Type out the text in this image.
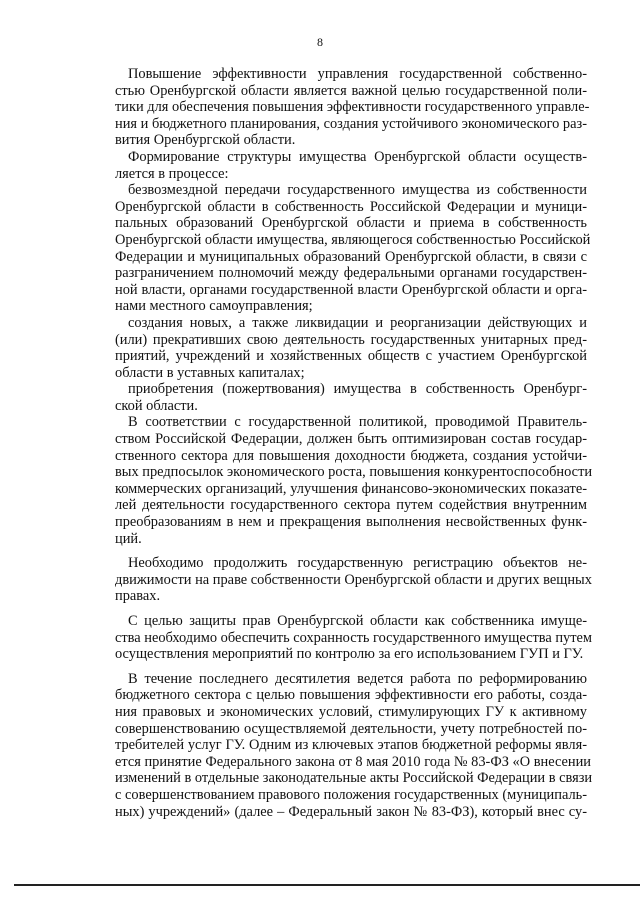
8
Повышение эффективности управления государственной собственно-
стью Оренбургской области является важной целью государственной поли-
тики для обеспечения повышения эффективности государственного управле-
ния и бюджетного планирования, создания устойчивого экономического раз-
вития Оренбургской области.
Формирование структуры имущества Оренбургской области осуществ-
ляется в процессе:
безвозмездной передачи государственного имущества из собственности
Оренбургской области в собственность Российской Федерации и муници-
пальных образований Оренбургской области и приема в собственность
Оренбургской области имущества, являющегося собственностью Российской
Федерации и муниципальных образований Оренбургской области, в связи с
разграничением полномочий между федеральными органами государствен-
ной власти, органами государственной власти Оренбургской области и орга-
нами местного самоуправления;
создания новых, а также ликвидации и реорганизации действующих и
(или) прекративших свою деятельность государственных унитарных пред-
приятий, учреждений и хозяйственных обществ с участием Оренбургской
области в уставных капиталах;
приобретения (пожертвования) имущества в собственность Оренбург-
ской области.
В соответствии с государственной политикой, проводимой Правитель-
ством Российской Федерации, должен быть оптимизирован состав государ-
ственного сектора для повышения доходности бюджета, создания устойчи-
вых предпосылок экономического роста, повышения конкурентоспособности
коммерческих организаций, улучшения финансово-экономических показате-
лей деятельности государственного сектора путем содействия внутренним
преобразованиям в нем и прекращения выполнения несвойственных функ-
ций.
Необходимо продолжить государственную регистрацию объектов не-
движимости на праве собственности Оренбургской области и других вещных
правах.
С целью защиты прав Оренбургской области как собственника имуще-
ства необходимо обеспечить сохранность государственного имущества путем
осуществления мероприятий по контролю за его использованием ГУП и ГУ.
В течение последнего десятилетия ведется работа по реформированию
бюджетного сектора с целью повышения эффективности его работы, созда-
ния правовых и экономических условий, стимулирующих ГУ к активному
совершенствованию осуществляемой деятельности, учету потребностей по-
требителей услуг ГУ. Одним из ключевых этапов бюджетной реформы явля-
ется принятие Федерального закона от 8 мая 2010 года № 83-ФЗ «О внесении
изменений в отдельные законодательные акты Российской Федерации в связи
с совершенствованием правового положения государственных (муниципаль-
ных) учреждений» (далее – Федеральный закон № 83-ФЗ), который внес су-
